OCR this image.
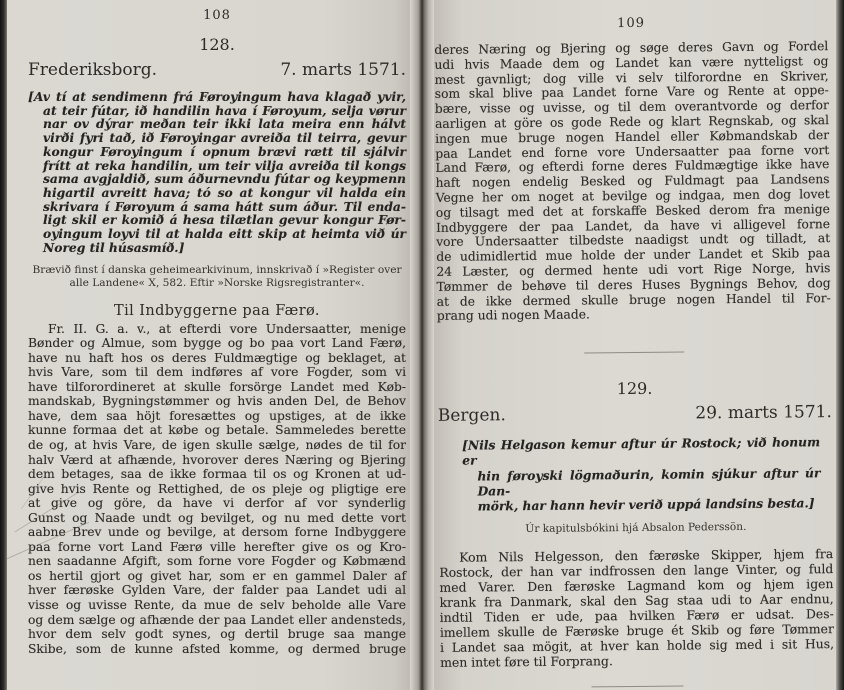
108
128.
Frederiksborg.	7. marts 1571.
[Av tí at sendimenn frá Føroyingum hava klagað yvir,
at teir fútar, ið handilin hava í Føroyum, selja vørur
nar ov dýrar meðan teir ikki lata meira enn hálvt
virði fyri tað, ið Føroyingar avreiða til teirra, gevur
kongur Føroyingum í opnum brævi rætt til sjálvir
frítt at reka handilin, um teir vilja avreiða til kongs
sama avgjaldið, sum áðurnevndu fútar og keypmenn
higartil avreitt hava; tó so at kongur vil halda ein
skrivara í Føroyum á sama hátt sum áður. Til enda-
ligt skil er komið á hesa tilætlan gevur kongur Før-
oyingum loyvi til at halda eitt skip at heimta við úr
Noreg til húsasmíð.]
Brævið finst í danska geheimearkivinum, innskrivað í »Register over
alle Landene« X, 582. Eftir »Norske Rigsregistranter«.
Til Indbyggerne paa Færø.
Fr. II. G. a. v., at efterdi vore Undersaatter, menige
Bønder og Almue, som bygge og bo paa vort Land Færø,
have nu haft hos os deres Fuldmægtige og beklaget, at
hvis Vare, som til dem indføres af vore Fogder, som vi
have tilforordineret at skulle forsörge Landet med Køb-
mandskab, Bygningstømmer og hvis anden Del, de Behov
have, dem saa höjt foresættes og upstiges, at de ikke
kunne formaa det at købe og betale. Sammeledes berette
de og, at hvis Vare, de igen skulle sælge, nødes de til for
halv Værd at afhænde, hvorover deres Næring og Bjering
dem betages, saa de ikke formaa til os og Kronen at ud-
give hvis Rente og Rettighed, de os pleje og pligtige ere
at give og göre, da have vi derfor af vor synderlig
Gunst og Naade undt og bevilget, og nu med dette vort
aabne Brev unde og bevilge, at dersom forne Indbyggere
paa forne vort Land Færø ville herefter give os og Kro-
nen saadanne Afgift, som forne vore Fogder og Købmænd
os hertil gjort og givet har, som er en gammel Daler af
hver færøske Gylden Vare, der falder paa Landet udi al
visse og uvisse Rente, da mue de selv beholde alle Vare
og dem sælge og afhænde der paa Landet eller andensteds,
hvor dem selv godt synes, og dertil bruge saa mange
Skibe, som de kunne afsted komme, og dermed bruge
109
deres Næring og Bjering og søge deres Gavn og Fordel
udi hvis Maade dem og Landet kan være nytteligst og
mest gavnligt; dog ville vi selv tilforordne en Skriver,
som skal blive paa Landet forne Vare og Rente at oppe-
bære, visse og uvisse, og til dem overantvorde og derfor
aarligen at göre os gode Rede og klart Regnskab, og skal
ingen mue bruge nogen Handel eller Købmandskab der
paa Landet end forne vore Undersaatter paa forne vort
Land Færø, og efterdi forne deres Fuldmægtige ikke have
haft nogen endelig Besked og Fuldmagt paa Landsens
Vegne her om noget at bevilge og indgaa, men dog lovet
og tilsagt med det at forskaffe Besked derom fra menige
Indbyggere der paa Landet, da have vi alligevel forne
vore Undersaatter tilbedste naadigst undt og tilladt, at
de udimidlertid mue holde der under Landet et Skib paa
24 Læster, og dermed hente udi vort Rige Norge, hvis
Tømmer de behøve til deres Huses Bygnings Behov, dog
at de ikke dermed skulle bruge nogen Handel til For-
prang udi nogen Maade.
129.
Bergen.	29. marts 1571.
[Nils Helgason kemur aftur úr Rostock; við honum er
hin føroyski lögmaðurin, komin sjúkur aftur úr Dan-
mörk, har hann hevir verið uppá landsins besta.]
Úr kapitulsbókini hjá Absalon Pederssön.
Kom Nils Helgesson, den færøske Skipper, hjem fra
Rostock, der han var indfrossen den lange Vinter, og fuld
med Varer. Den færøske Lagmand kom og hjem igen
krank fra Danmark, skal den Sag staa udi to Aar endnu,
indtil Tiden er ude, paa hvilken Færø er udsat. Des-
imellem skulle de Færøske bruge ét Skib og føre Tømmer
i Landet saa mögit, at hver kan holde sig med i sit Hus,
men intet føre til Forprang.
